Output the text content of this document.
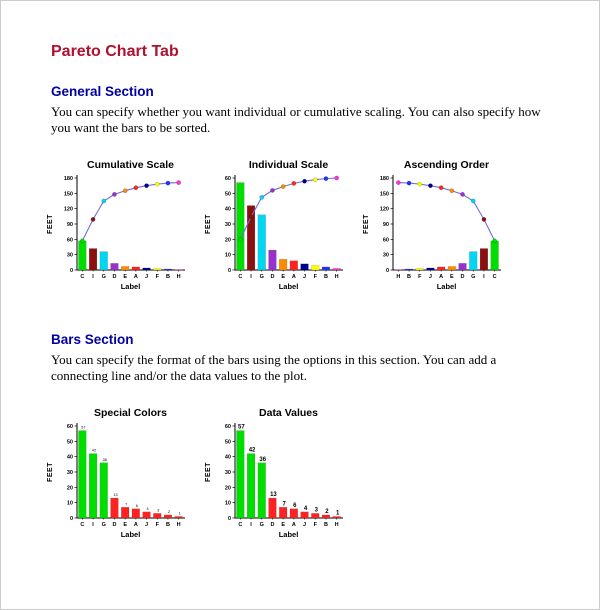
Pareto Chart Tab
General Section

You can specify whether you want individual or cumulative scaling. You can also specify how you want the bars to be sorted.

Cumulative Scale
0
30
60
90
120
150
180
FEET
C I G D E A J F B H
Label
Individual Scale
0
10
20
30
40
50
60
FEET
C I G D E A J F B H
Label
Ascending Order
0
30
60
90
120
150
180
FEET
H B F J A E D G I C
Label
Bars Section

You can specify the format of the bars using the options in this section. You can add a connecting line and/or the data values to the plot.

Special Colors
0
10
20
30
40
50
60
FEET
57
42
36
13
7 6
4 3 2 1
C I G D E A J F B H
Label
Data Values
0
10
20
30
40
50
60
FEET
57
42
36
13
7 6
4 3 2 1
C I G D E A J F B H
Label
